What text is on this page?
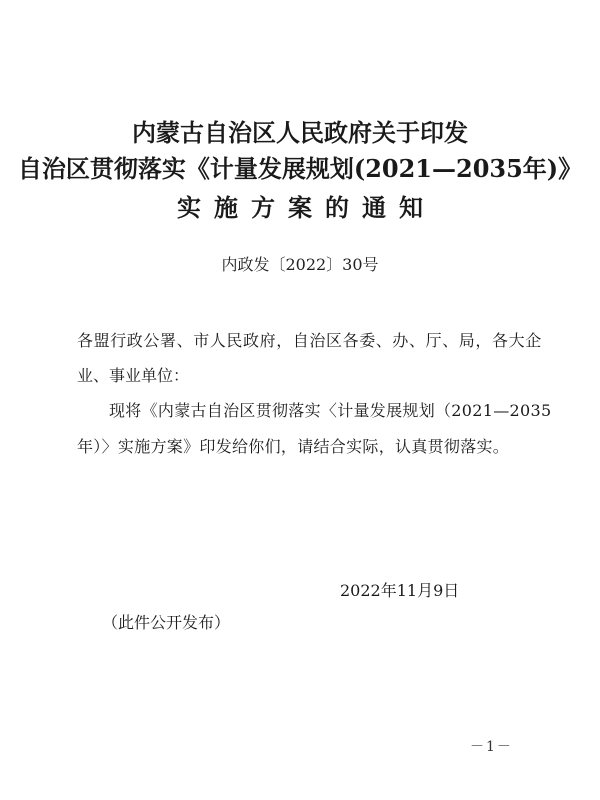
内蒙古自治区人民政府关于印发
自治区贯彻落实《计量发展规划(2021—2035年)》
实施方案的通知
内政发〔2022〕30号
各盟行政公署、市人民政府，自治区各委、办、厅、局，各大企
业、事业单位：
现将《内蒙古自治区贯彻落实〈计量发展规划（2021—2035
年）〉实施方案》印发给你们，请结合实际，认真贯彻落实。
2022年11月9日
（此件公开发布）
－1－
